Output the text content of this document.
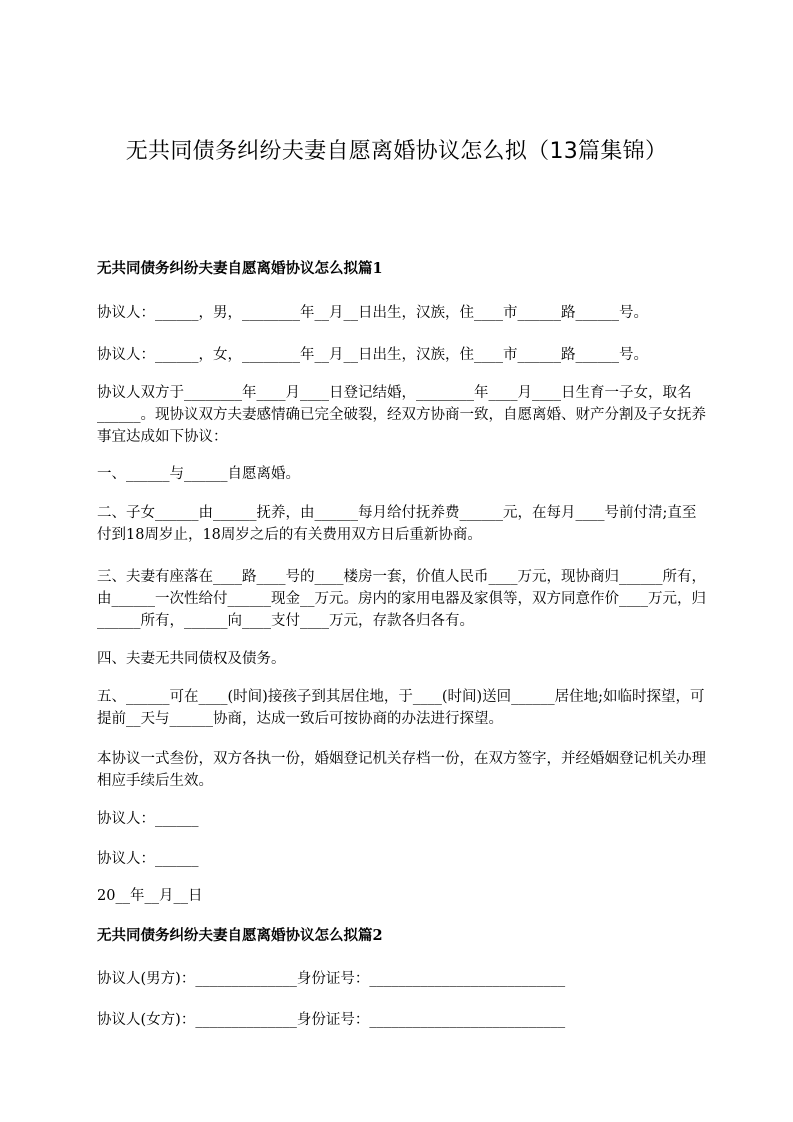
无共同债务纠纷夫妻自愿离婚协议怎么拟（13篇集锦）

无共同债务纠纷夫妻自愿离婚协议怎么拟篇1

协议人：______，男，________年__月__日出生，汉族，住____市______路______号。

协议人：______，女，________年__月__日出生，汉族，住____市______路______号。

协议人双方于________年____月____日登记结婚，________年____月____日生育一子女，取名______。现协议双方夫妻感情确已完全破裂，经双方协商一致，自愿离婚、财产分割及子女抚养事宜达成如下协议：

一、______与______自愿离婚。

二、子女______由______抚养，由______每月给付抚养费______元，在每月____号前付清;直至付到18周岁止，18周岁之后的有关费用双方日后重新协商。

三、夫妻有座落在____路____号的____楼房一套，价值人民币____万元，现协商归______所有，由______一次性给付______现金__万元。房内的家用电器及家俱等，双方同意作价____万元，归______所有，______向____支付____万元，存款各归各有。

四、夫妻无共同债权及债务。

五、______可在____(时间)接孩子到其居住地，于____(时间)送回______居住地;如临时探望，可提前__天与______协商，达成一致后可按协商的办法进行探望。

本协议一式叁份，双方各执一份，婚姻登记机关存档一份，在双方签字，并经婚姻登记机关办理相应手续后生效。

协议人：______

协议人：______

20__年__月__日

无共同债务纠纷夫妻自愿离婚协议怎么拟篇2

协议人(男方)：______________身份证号：___________________________

协议人(女方)：______________身份证号：___________________________
